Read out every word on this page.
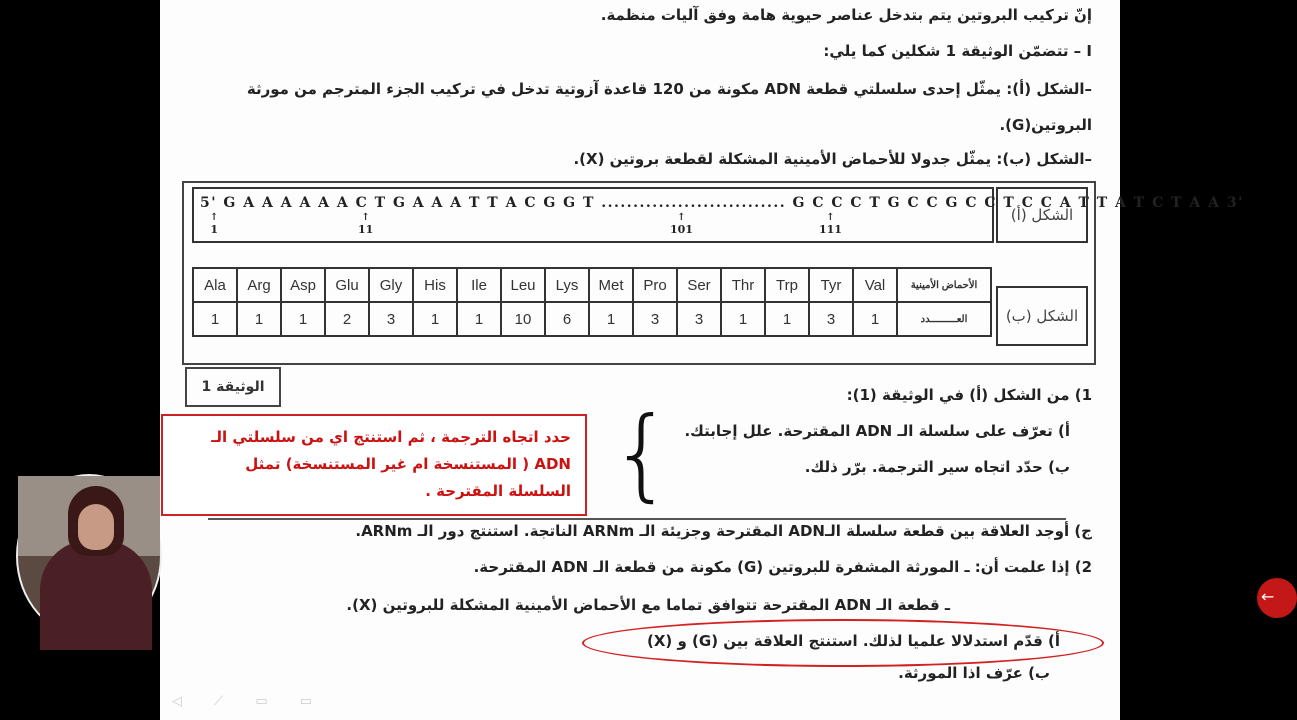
إنّ تركيب البروتين يتم بتدخل عناصر حيوية هامة وفق آليات منظمة.
I – تتضمّن الوثيقة 1 شكلين كما يلي:
–الشكل (أ): يمثّل إحدى سلسلتي قطعة ADN مكونة من 120 قاعدة آزوتية تدخل في تركيب الجزء المترجم من مورثة
البروتين(G).
–الشكل (ب): يمثّل جدولا للأحماض الأمينية المشكلة لقطعة بروتين (X).
5' G A A A A A A C T G A A A T T A C G G T ............................. G C C C T G C C G C C T C C A T T A T C T A A 3'
↑
1
↑
11
↑
101
↑
111
الشكل (أ)
Ala	Arg	Asp	Glu	Gly	His	Ile	Leu	Lys	Met	Pro	Ser	Thr	Trp	Tyr	Val	الأحماض الأمينية
1	1	1	2	3	1	1	10	6	1	3	3	1	1	3	1	العـــــــــدد	الشكل (ب)
الوثيقة 1	1) من الشكل (أ) في الوثيقة (1):
أ) تعرّف على سلسلة الـ ADN المقترحة. علل إجابتك.
ب) حدّد اتجاه سير الترجمة. برّر ذلك.
{
حدد اتجاه الترجمة ، ثم استنتج اي من سلسلتي الـ ADN ( المستنسخة ام غير المستنسخة) تمثل السلسلة المقترحة .
ج) أوجد العلاقة بين قطعة سلسلة الـADN المقترحة وجزيئة الـ ARNm الناتجة. استنتج دور الـ ARNm.
2) إذا علمت أن: ـ المورثة المشفرة للبروتين (G) مكونة من قطعة الـ ADN المقترحة.
ـ قطعة الـ ADN المقترحة تتوافق تماما مع الأحماض الأمينية المشكلة للبروتين (X).
أ) قدّم استدلالا علميا لذلك. استنتج العلاقة بين (G) و (X)
ب) عرّف اذا المورثة.
◁ ⟋ ▭ ▭
←
